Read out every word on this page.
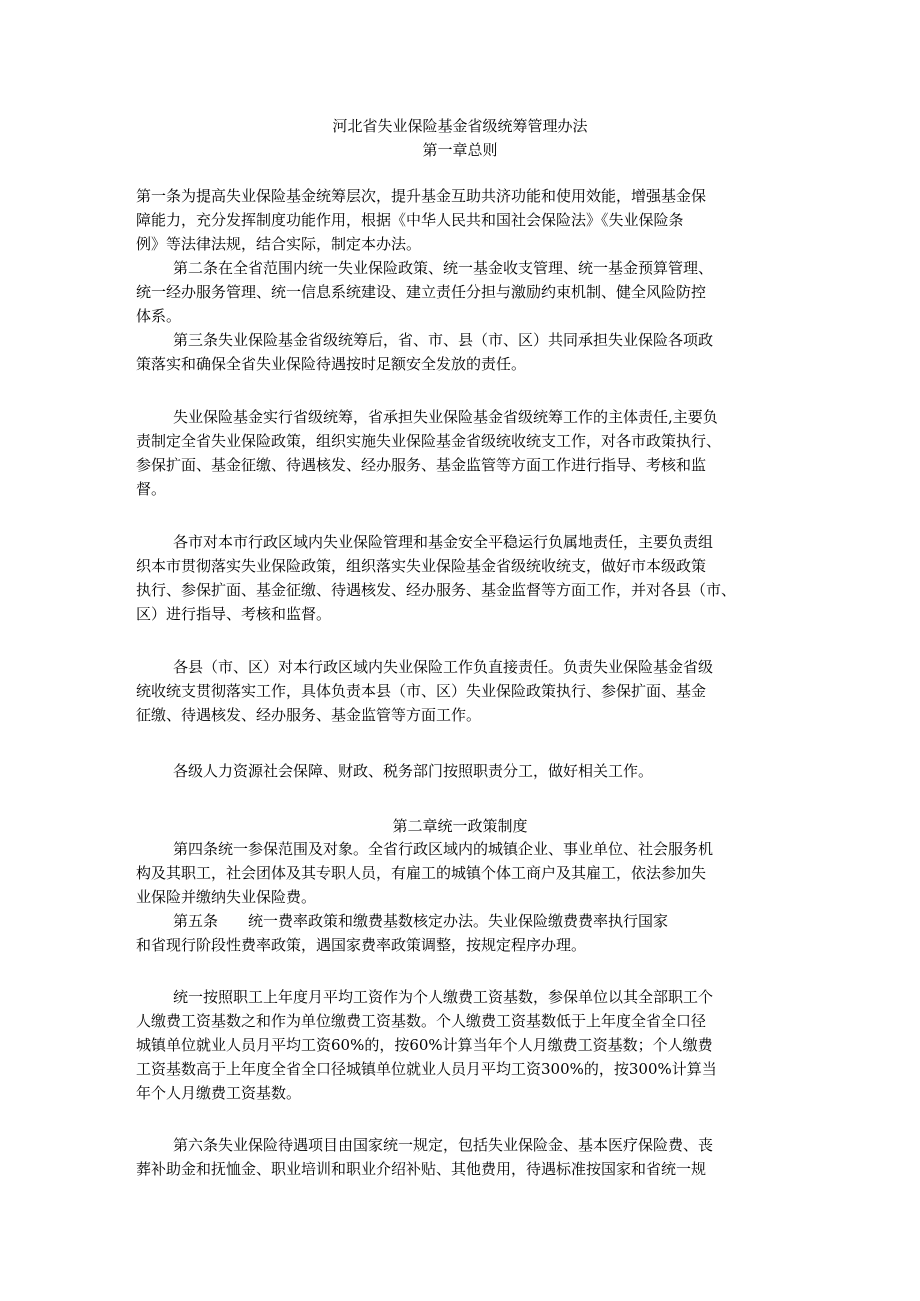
河北省失业保险基金省级统筹管理办法
第一章总则
第一条为提高失业保险基金统筹层次，提升基金互助共济功能和使用效能，增强基金保
障能力，充分发挥制度功能作用，根据《中华人民共和国社会保险法》《失业保险条
例》等法律法规，结合实际，制定本办法。
第二条在全省范围内统一失业保险政策、统一基金收支管理、统一基金预算管理、
统一经办服务管理、统一信息系统建设、建立责任分担与激励约束机制、健全风险防控
体系。
第三条失业保险基金省级统筹后，省、市、县（市、区）共同承担失业保险各项政
策落实和确保全省失业保险待遇按时足额安全发放的责任。
失业保险基金实行省级统筹，省承担失业保险基金省级统筹工作的主体责任,主要负
责制定全省失业保险政策，组织实施失业保险基金省级统收统支工作，对各市政策执行、
参保扩面、基金征缴、待遇核发、经办服务、基金监管等方面工作进行指导、考核和监
督。
各市对本市行政区域内失业保险管理和基金安全平稳运行负属地责任，主要负责组
织本市贯彻落实失业保险政策，组织落实失业保险基金省级统收统支，做好市本级政策
执行、参保扩面、基金征缴、待遇核发、经办服务、基金监督等方面工作，并对各县（市、
区）进行指导、考核和监督。
各县（市、区）对本行政区域内失业保险工作负直接责任。负责失业保险基金省级
统收统支贯彻落实工作，具体负责本县（市、区）失业保险政策执行、参保扩面、基金
征缴、待遇核发、经办服务、基金监管等方面工作。
各级人力资源社会保障、财政、税务部门按照职责分工，做好相关工作。
第二章统一政策制度
第四条统一参保范围及对象。全省行政区域内的城镇企业、事业单位、社会服务机
构及其职工，社会团体及其专职人员，有雇工的城镇个体工商户及其雇工，依法参加失
业保险并缴纳失业保险费。
第五条　　统一费率政策和缴费基数核定办法。失业保险缴费费率执行国家
和省现行阶段性费率政策，遇国家费率政策调整，按规定程序办理。
统一按照职工上年度月平均工资作为个人缴费工资基数，参保单位以其全部职工个
人缴费工资基数之和作为单位缴费工资基数。个人缴费工资基数低于上年度全省全口径
城镇单位就业人员月平均工资60%的，按60%计算当年个人月缴费工资基数；个人缴费
工资基数高于上年度全省全口径城镇单位就业人员月平均工资300%的，按300%计算当
年个人月缴费工资基数。
第六条失业保险待遇项目由国家统一规定，包括失业保险金、基本医疗保险费、丧
葬补助金和抚恤金、职业培训和职业介绍补贴、其他费用，待遇标准按国家和省统一规
